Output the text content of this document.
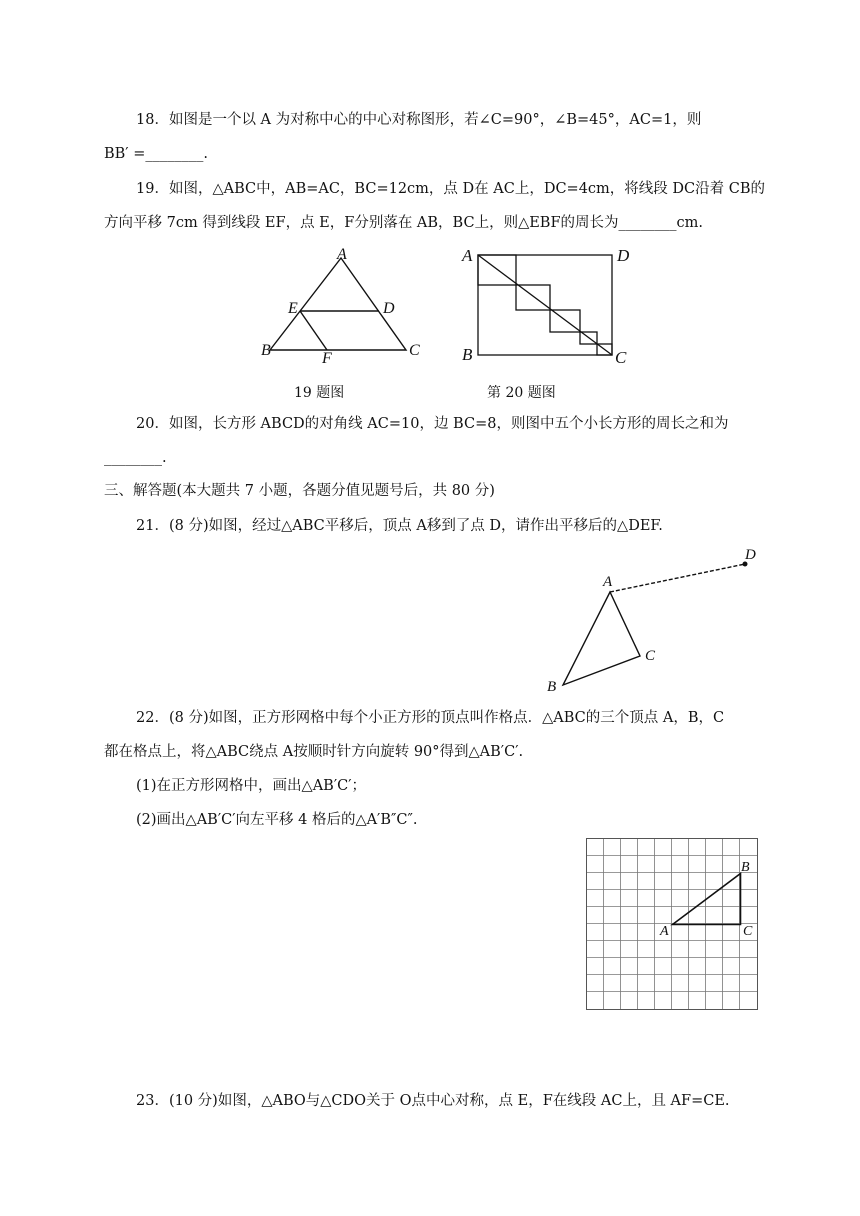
18．如图是一个以 A 为对称中心的中心对称图形，若∠C=90°，∠B=45°，AC=1，则
BB′ =________.
19．如图，△ABC中，AB=AC，BC=12cm，点 D在 AC上，DC=4cm，将线段 DC沿着 CB的
方向平移 7cm 得到线段 EF，点 E，F分别落在 AB，BC上，则△EBF的周长为________cm.
A
E	D
B	F	C
19 题图
A	D
B	C
第 20 题图
20．如图，长方形 ABCD的对角线 AC=10，边 BC=8，则图中五个小长方形的周长之和为
________.
三、解答题(本大题共 7 小题，各题分值见题号后，共 80 分)
21．(8 分)如图，经过△ABC平移后，顶点 A移到了点 D，请作出平移后的△DEF.
A
D
C
B
22．(8 分)如图，正方形网格中每个小正方形的顶点叫作格点．△ABC的三个顶点 A，B，C
都在格点上，将△ABC绕点 A按顺时针方向旋转 90°得到△AB′C′.
(1)在正方形网格中，画出△AB′C′；
(2)画出△AB′C′向左平移 4 格后的△A′B″C″.
A
B
C
23．(10 分)如图，△ABO与△CDO关于 O点中心对称，点 E，F在线段 AC上，且 AF=CE.
